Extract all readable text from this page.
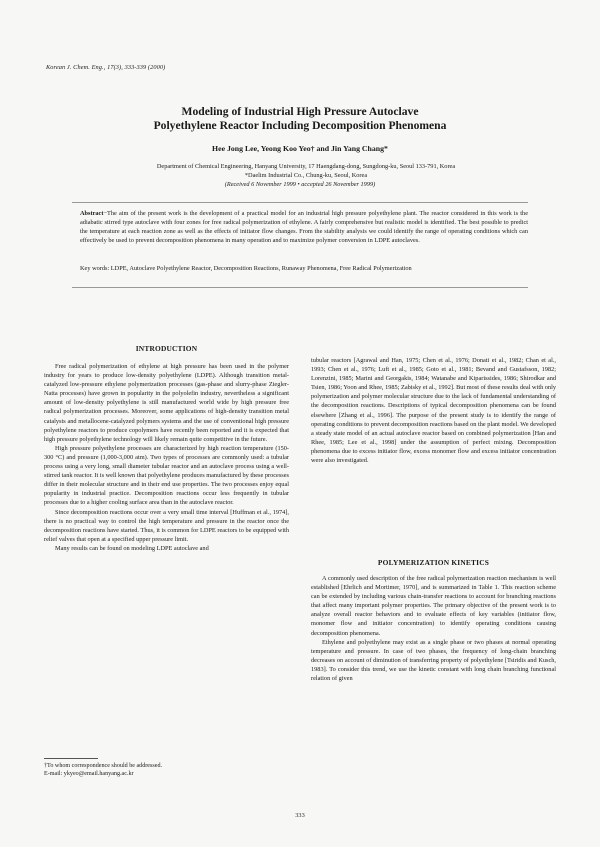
Korean J. Chem. Eng., 17(3), 333-339 (2000)
Modeling of Industrial High Pressure Autoclave
Polyethylene Reactor Including Decomposition Phenomena
Hee Jong Lee, Yeong Koo Yeo† and Jin Yang Chang*
Department of Chemical Engineering, Hanyang University, 17 Haengdang-dong, Sungdong-ku, Seoul 133-791, Korea
*Daelim Industrial Co., Chung-ku, Seoul, Korea
(Received 6 November 1999 • accepted 26 November 1999)
Abstract−The aim of the present work is the development of a practical model for an industrial high pressure polyethylene plant. The reactor considered in this work is the adiabatic stirred type autoclave with four zones for free radical polymerization of ethylene. A fairly comprehensive but realistic model is identified. The best possible to predict the temperature at each reaction zone as well as the effects of initiator flow changes. From the stability analysis we could identify the range of operating conditions which can effectively be used to prevent decomposition phenomena in many operation and to maximize polymer conversion in LDPE autoclaves.
Key words: LDPE, Autoclave Polyethylene Reactor, Decomposition Reactions, Runaway Phenomena, Free Radical Polymerization
INTRODUCTION

Free radical polymerization of ethylene at high pressure has been used in the polymer industry for years to produce low-density polyethylene (LDPE). Although transition metal-catalyzed low-pressure ethylene polymerization processes (gas-phase and slurry-phase Ziegler-Natta processes) have grown in popularity in the polyolefin industry, nevertheless a significant amount of low-density polyethylene is still manufactured world wide by high pressure free radical polymerization processes. Moreover, some applications of high-density transition metal catalysts and metallocene-catalyzed polymers systems and the use of conventional high pressure polyethylene reactors to produce copolymers have recently been reported and it is expected that high pressure polyethylene technology will likely remain quite competitive in the future.

High pressure polyethylene processes are characterized by high reaction temperature (150-300 °C) and pressure (1,000-3,000 atm). Two types of processes are commonly used: a tubular process using a very long, small diameter tubular reactor and an autoclave process using a well-stirred tank reactor. It is well known that polyethylene produces manufactured by these processes differ in their molecular structure and in their end use properties. The two processes enjoy equal popularity in industrial practice. Decomposition reactions occur less frequently in tubular processes due to a higher cooling surface area than in the autoclave reactor.

Since decomposition reactions occur over a very small time interval [Huffman et al., 1974], there is no practical way to control the high temperature and pressure in the reactor once the decomposition reactions have started. Thus, it is common for LDPE reactors to be equipped with relief valves that open at a specified upper pressure limit.

Many results can be found on modeling LDPE autoclave and

tubular reactors [Agrawal and Han, 1975; Chen et al., 1976; Donati et al., 1982; Chan et al., 1993; Chen et al., 1976; Luft et al., 1985; Goto et al., 1981; Bevand and Gustafsson, 1982; Lorenzini, 1985; Marini and Georgakis, 1984; Watanabe and Kiparissides, 1986; Shirodkar and Tsien, 1986; Yoon and Rhee, 1985; Zabisky et al., 1992]. But most of these results deal with only polymerization and polymer molecular structure due to the lack of fundamental understanding of the decomposition reactions. Descriptions of typical decomposition phenomena can be found elsewhere [Zhang et al., 1996]. The purpose of the present study is to identify the range of operating conditions to prevent decomposition reactions based on the plant model. We developed a steady state model of an actual autoclave reactor based on combined polymerization [Han and Rhee, 1985; Lee et al., 1998] under the assumption of perfect mixing. Decomposition phenomena due to excess initiator flow, excess monomer flow and excess initiator concentration were also investigated.

POLYMERIZATION KINETICS

A commonly used description of the free radical polymerization reaction mechanism is well established [Ehrlich and Mortimer, 1970], and is summarized in Table 1. This reaction scheme can be extended by including various chain-transfer reactions to account for branching reactions that affect many important polymer properties. The primary objective of the present work is to analyze overall reactor behaviors and to evaluate effects of key variables (initiator flow, monomer flow and initiator concentration) to identify operating conditions causing decomposition phenomena.

Ethylene and polyethylene may exist as a single phase or two phases at normal operating temperature and pressure. In case of two phases, the frequency of long-chain branching decreases on account of diminution of transferring property of polyethylene [Tsiridis and Kusch, 1983]. To consider this trend, we use the kinetic constant with long chain branching functional relation of given

†To whom correspondence should be addressed.
E-mail: ykyeo@email.hanyang.ac.kr
333
